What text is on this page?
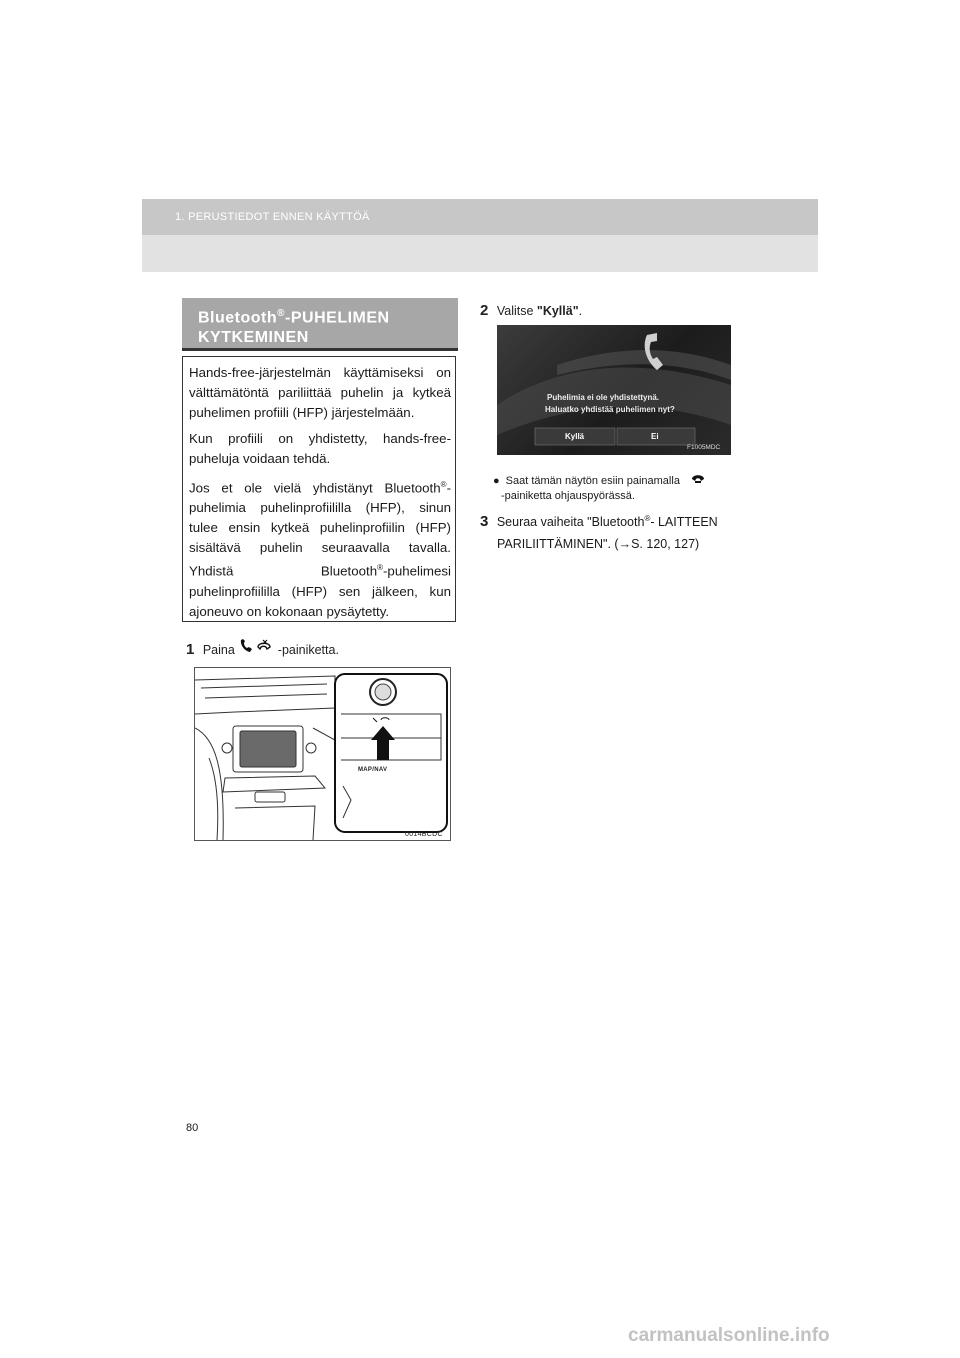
1. PERUSTIEDOT ENNEN KÄYTTÖÄ
Bluetooth®-PUHELIMEN
KYTKEMINEN

Hands-free-järjestelmän käyttämiseksi on välttämätöntä pariliittää puhelin ja kytkeä puhelimen profiili (HFP) järjestelmään.

Kun profiili on yhdistetty, hands-free-puheluja voidaan tehdä.

Jos et ole vielä yhdistänyt Bluetooth®-puhelimia puhelinprofiililla (HFP), sinun tulee ensin kytkeä puhelinprofiilin (HFP) sisältävä puhelin seuraavalla tavalla. Yhdistä Bluetooth®-puhelimesi puhelinprofiililla (HFP) sen jälkeen, kun ajoneuvo on kokonaan pysäytetty.

1 Paina	-painiketta.
MAP/NAV
0014BCDC
2 Valitse "Kyllä".
Puhelimia ei ole yhdistettynä.
Haluatko yhdistää puhelimen nyt?
Kyllä	Ei
F1005MDC
● Saat tämän näytön esiin painamalla
-painiketta ohjauspyörässä.
3 Seuraa vaiheita "Bluetooth®- LAITTEEN
PARILIITTÄMINEN". (→S. 120, 127)
80
carmanualsonline.info
